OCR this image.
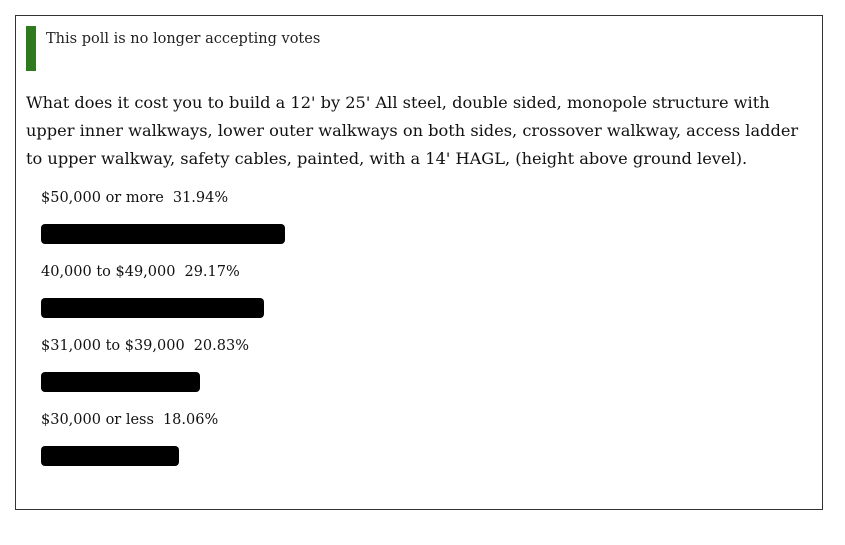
This poll is no longer accepting votes
What does it cost you to build a 12' by 25' All steel, double sided, monopole structure with upper inner walkways, lower outer walkways on both sides, crossover walkway, access ladder to upper walkway, safety cables, painted, with a 14' HAGL, (height above ground level).
$50,000 or more 31.94%
40,000 to $49,000 29.17%
$31,000 to $39,000 20.83%
$30,000 or less 18.06%
